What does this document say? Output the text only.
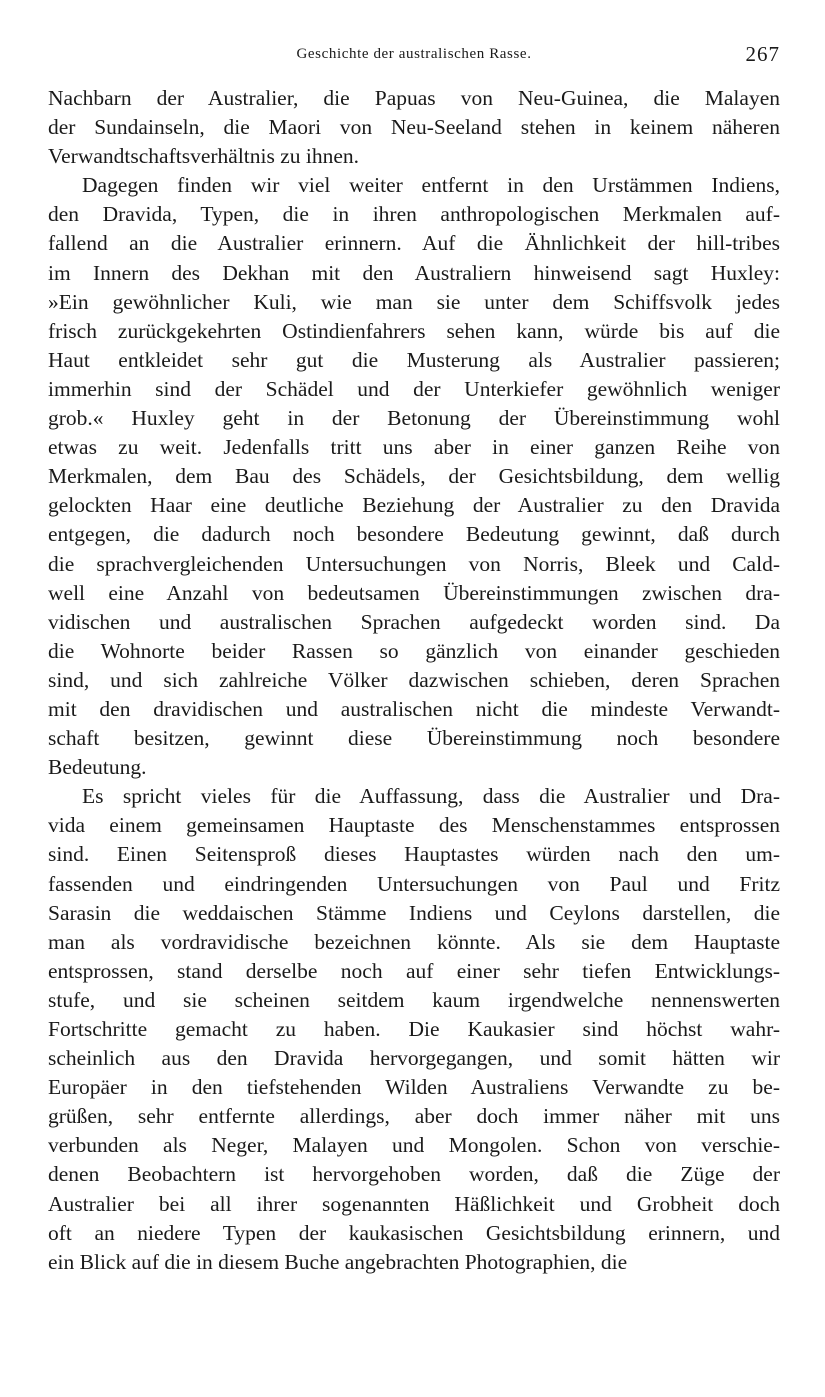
Geschichte der australischen Rasse.	267
Nachbarn der Australier, die Papuas von Neu-Guinea, die Malayen
der Sundainseln, die Maori von Neu-Seeland stehen in keinem näheren
Verwandtschaftsverhältnis zu ihnen.
Dagegen finden wir viel weiter entfernt in den Urstämmen Indiens,
den Dravida, Typen, die in ihren anthropologischen Merkmalen auf-
fallend an die Australier erinnern. Auf die Ähnlichkeit der hill-tribes
im Innern des Dekhan mit den Australiern hinweisend sagt Huxley:
»Ein gewöhnlicher Kuli, wie man sie unter dem Schiffsvolk jedes
frisch zurückgekehrten Ostindienfahrers sehen kann, würde bis auf die
Haut entkleidet sehr gut die Musterung als Australier passieren;
immerhin sind der Schädel und der Unterkiefer gewöhnlich weniger
grob.« Huxley geht in der Betonung der Übereinstimmung wohl
etwas zu weit. Jedenfalls tritt uns aber in einer ganzen Reihe von
Merkmalen, dem Bau des Schädels, der Gesichtsbildung, dem wellig
gelockten Haar eine deutliche Beziehung der Australier zu den Dravida
entgegen, die dadurch noch besondere Bedeutung gewinnt, daß durch
die sprachvergleichenden Untersuchungen von Norris, Bleek und Cald-
well eine Anzahl von bedeutsamen Übereinstimmungen zwischen dra-
vidischen und australischen Sprachen aufgedeckt worden sind. Da
die Wohnorte beider Rassen so gänzlich von einander geschieden
sind, und sich zahlreiche Völker dazwischen schieben, deren Sprachen
mit den dravidischen und australischen nicht die mindeste Verwandt-
schaft besitzen, gewinnt diese Übereinstimmung noch besondere
Bedeutung.
Es spricht vieles für die Auffassung, dass die Australier und Dra-
vida einem gemeinsamen Hauptaste des Menschenstammes entsprossen
sind. Einen Seitensproß dieses Hauptastes würden nach den um-
fassenden und eindringenden Untersuchungen von Paul und Fritz
Sarasin die weddaischen Stämme Indiens und Ceylons darstellen, die
man als vordravidische bezeichnen könnte. Als sie dem Hauptaste
entsprossen, stand derselbe noch auf einer sehr tiefen Entwicklungs-
stufe, und sie scheinen seitdem kaum irgendwelche nennenswerten
Fortschritte gemacht zu haben. Die Kaukasier sind höchst wahr-
scheinlich aus den Dravida hervorgegangen, und somit hätten wir
Europäer in den tiefstehenden Wilden Australiens Verwandte zu be-
grüßen, sehr entfernte allerdings, aber doch immer näher mit uns
verbunden als Neger, Malayen und Mongolen. Schon von verschie-
denen Beobachtern ist hervorgehoben worden, daß die Züge der
Australier bei all ihrer sogenannten Häßlichkeit und Grobheit doch
oft an niedere Typen der kaukasischen Gesichtsbildung erinnern, und
ein Blick auf die in diesem Buche angebrachten Photographien, die
